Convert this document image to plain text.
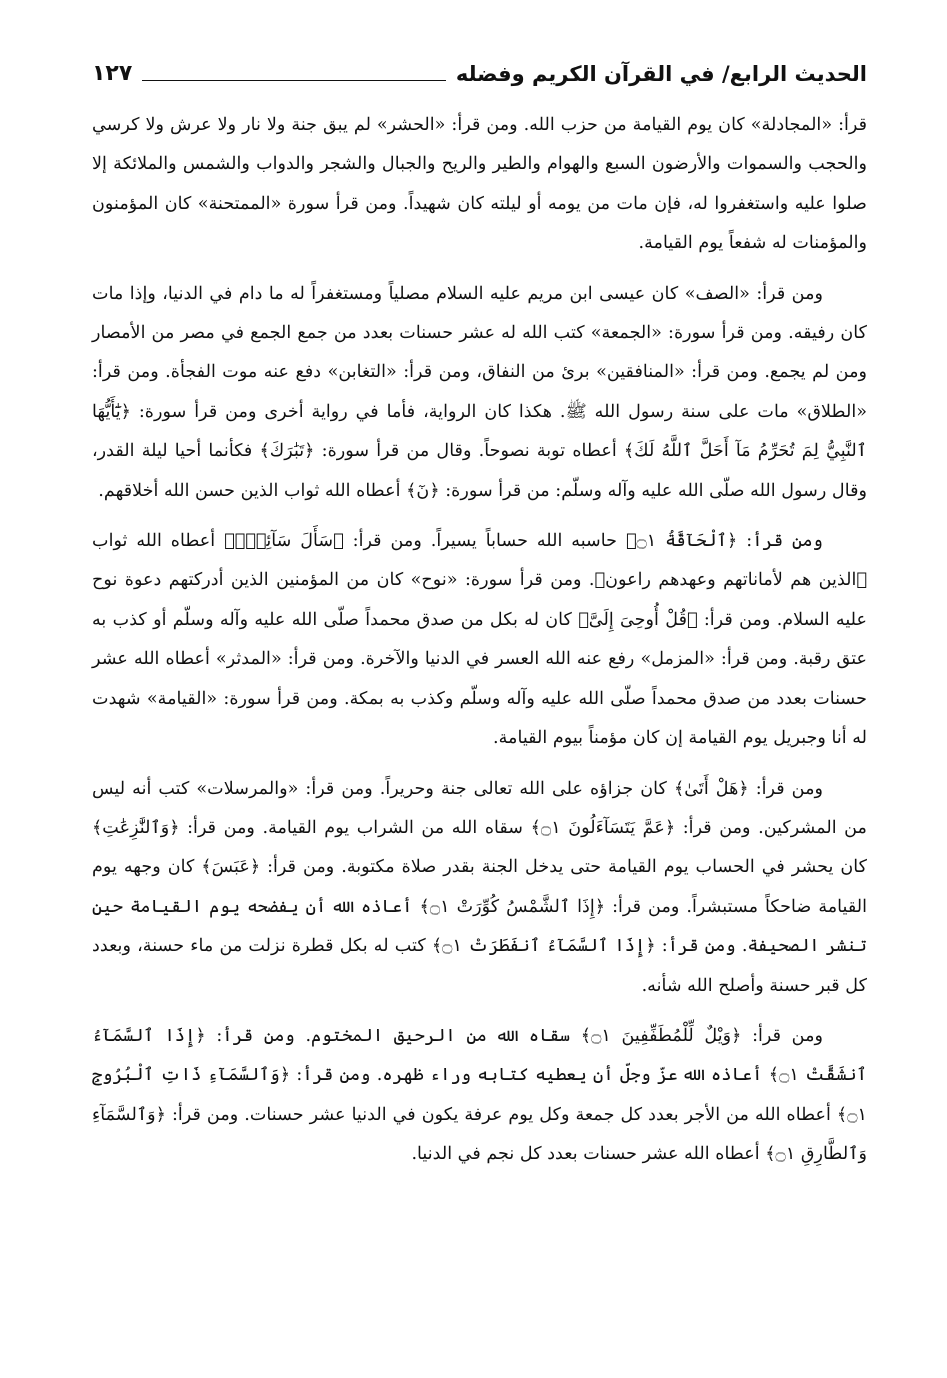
الحديث الرابع/ في القرآن الكريم وفضله
١٢٧

قرأ: «المجادلة» كان يوم القيامة من حزب الله. ومن قرأ: «الحشر» لم يبق جنة ولا نار ولا عرش ولا كرسي والحجب والسموات والأرضون السبع والهوام والطير والريح والجبال والشجر والدواب والشمس والملائكة إلا صلوا عليه واستغفروا له، فإن مات من يومه أو ليلته كان شهيداً. ومن قرأ سورة «الممتحنة» كان المؤمنون والمؤمنات له شفعاً يوم القيامة.

ومن قرأ: «الصف» كان عيسى ابن مريم عليه السلام مصلياً ومستغفراً له ما دام في الدنيا، وإذا مات كان رفيقه. ومن قرأ سورة: «الجمعة» كتب الله له عشر حسنات بعدد من جمع الجمع في مصر من الأمصار ومن لم يجمع. ومن قرأ: «المنافقين» برئ من النفاق، ومن قرأ: «التغابن» دفع عنه موت الفجأة. ومن قرأ: «الطلاق» مات على سنة رسول الله ﷺ. هكذا كان الرواية، فأما في رواية أخرى ومن قرأ سورة: ﴿يَٰٓأَيُّهَا ٱلنَّبِيُّ لِمَ تُحَرِّمُ مَآ أَحَلَّ ٱللَّهُ لَكَ﴾ أعطاه توبة نصوحاً. وقال من قرأ سورة: ﴿تَبَٰرَكَ﴾ فكأنما أحيا ليلة القدر، وقال رسول الله صلّى الله عليه وآله وسلّم: من قرأ سورة: ﴿نٓ﴾ أعطاه الله ثواب الذين حسن الله أخلاقهم.

ومن قرأ: ﴿ٱلْحَآقَّةُ ۝١﴾ حاسبه الله حساباً يسيراً. ومن قرأ: ﴿سَأَلَ سَآئِلٌۢ﴾ أعطاه الله ثواب ﴿الذين هم لأماناتهم وعهدهم راعون﴾. ومن قرأ سورة: «نوح» كان من المؤمنين الذين أدركتهم دعوة نوح عليه السلام. ومن قرأ: ﴿قُلْ أُوحِىَ إِلَىَّ﴾ كان له بكل من صدق محمداً صلّى الله عليه وآله وسلّم أو كذب به عتق رقبة. ومن قرأ: «المزمل» رفع عنه الله العسر في الدنيا والآخرة. ومن قرأ: «المدثر» أعطاه الله عشر حسنات بعدد من صدق محمداً صلّى الله عليه وآله وسلّم وكذب به بمكة. ومن قرأ سورة: «القيامة» شهدت له أنا وجبريل يوم القيامة إن كان مؤمناً بيوم القيامة.

ومن قرأ: ﴿هَلْ أَتَىٰ﴾ كان جزاؤه على الله تعالى جنة وحريراً. ومن قرأ: «والمرسلات» كتب أنه ليس من المشركين. ومن قرأ: ﴿عَمَّ يَتَسَآءَلُونَ ۝١﴾ سقاه الله من الشراب يوم القيامة. ومن قرأ: ﴿وَٱلنَّٰزِعَٰتِ﴾ كان يحشر في الحساب يوم القيامة حتى يدخل الجنة بقدر صلاة مكتوبة. ومن قرأ: ﴿عَبَسَ﴾ كان وجهه يوم القيامة ضاحكاً مستبشراً. ومن قرأ: ﴿إِذَا ٱلشَّمْسُ كُوِّرَتْ ۝١﴾ أعاذه الله أن يفضحه يوم القيامة حين تنشر الصحيفة. ومن قرأ: ﴿إِذَا ٱلسَّمَآءُ ٱنفَطَرَتْ ۝١﴾ كتب له بكل قطرة نزلت من ماء حسنة، وبعدد كل قبر حسنة وأصلح الله شأنه.

ومن قرأ: ﴿وَيْلٌ لِّلْمُطَفِّفِينَ ۝١﴾ سقاه الله من الرحيق المختوم. ومن قرأ: ﴿إِذَا ٱلسَّمَآءُ ٱنشَقَّتْ ۝١﴾ أعاذه الله عزّ وجلّ أن يعطيه كتابه وراء ظهره. ومن قرأ: ﴿وَٱلسَّمَآءِ ذَاتِ ٱلْبُرُوجِ ۝١﴾ أعطاه الله من الأجر بعدد كل جمعة وكل يوم عرفة يكون في الدنيا عشر حسنات. ومن قرأ: ﴿وَٱلسَّمَآءِ وَٱلطَّارِقِ ۝١﴾ أعطاه الله عشر حسنات بعدد كل نجم في الدنيا.
